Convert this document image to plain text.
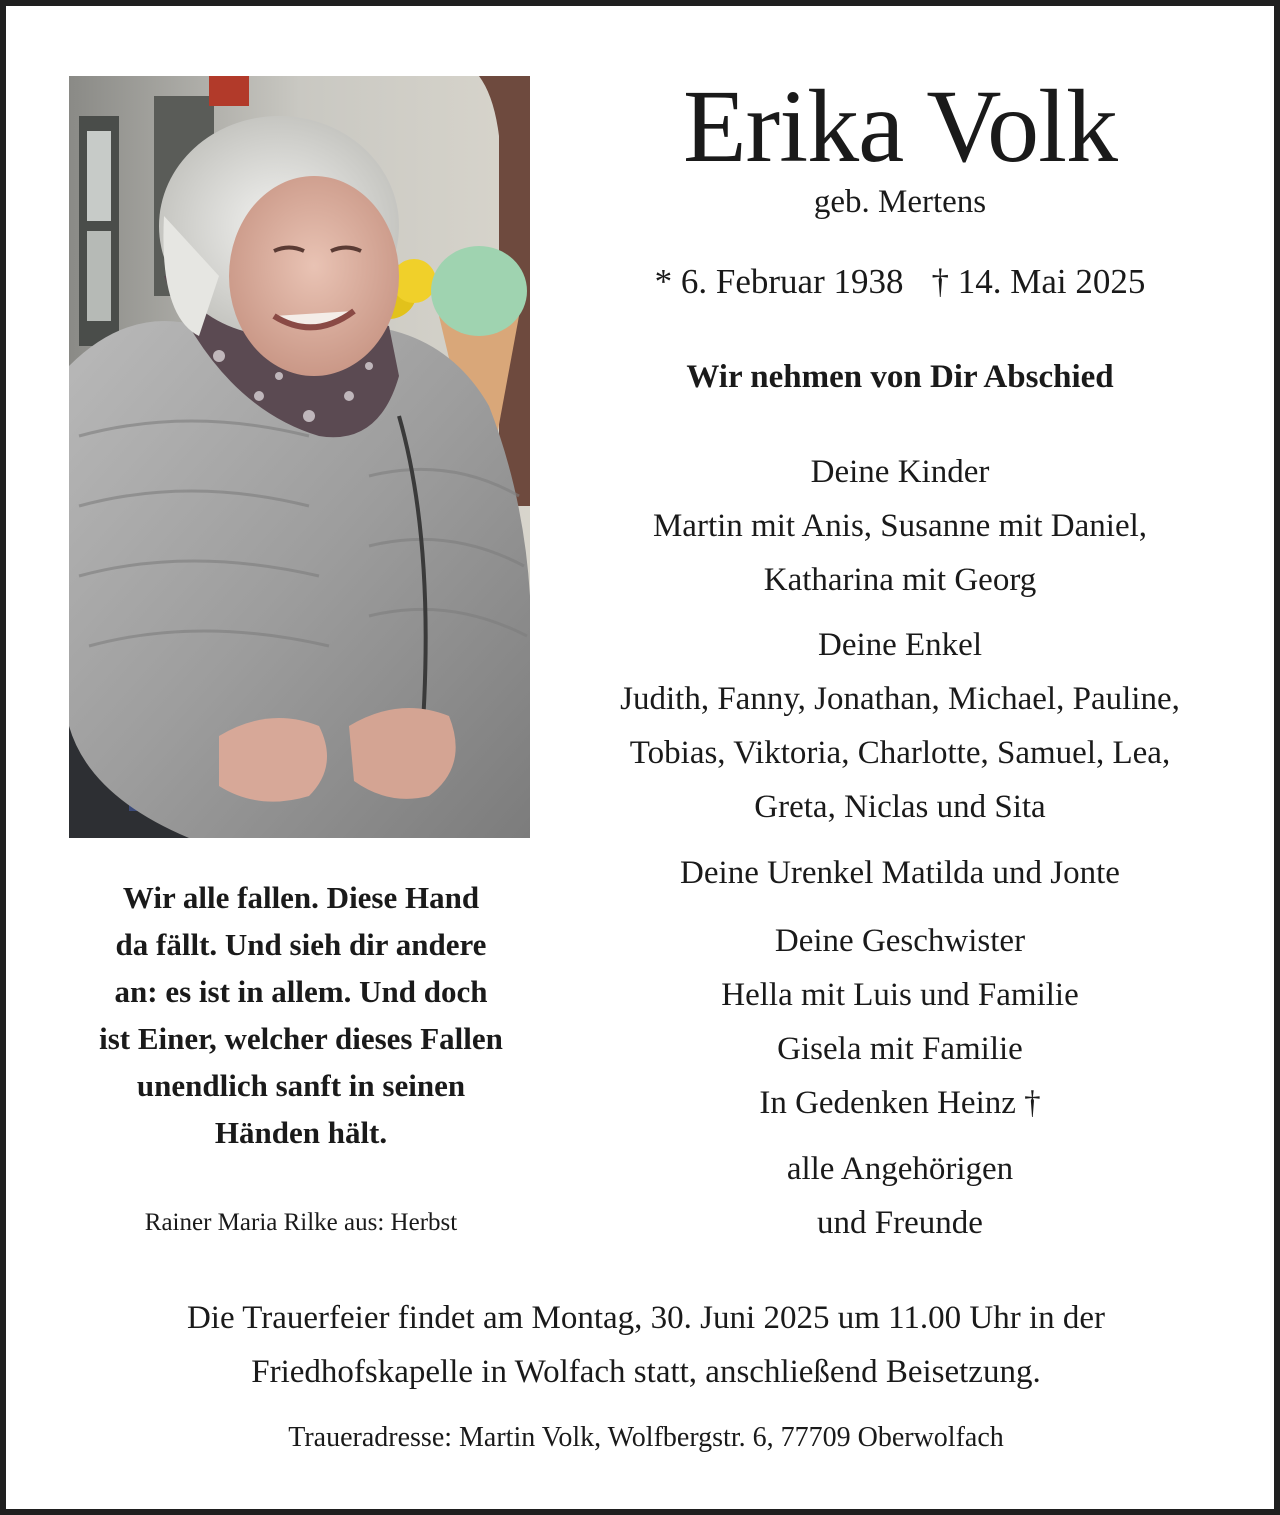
Erika Volk
geb. Mertens
* 6. Februar 1938 † 14. Mai 2025
Wir nehmen von Dir Abschied
Deine Kinder
Martin mit Anis, Susanne mit Daniel,
Katharina mit Georg
Deine Enkel
Judith, Fanny, Jonathan, Michael, Pauline,
Tobias, Viktoria, Charlotte, Samuel, Lea,
Greta, Niclas und Sita
Deine Urenkel Matilda und Jonte
Deine Geschwister
Hella mit Luis und Familie
Gisela mit Familie
In Gedenken Heinz †
alle Angehörigen
und Freunde
Wir alle fallen. Diese Hand
da fällt. Und sieh dir andere
an: es ist in allem. Und doch
ist Einer, welcher dieses Fallen
unendlich sanft in seinen
Händen hält.
Rainer Maria Rilke aus: Herbst
Die Trauerfeier findet am Montag, 30. Juni 2025 um 11.00 Uhr in der
Friedhofskapelle in Wolfach statt, anschließend Beisetzung.
Traueradresse: Martin Volk, Wolfbergstr. 6, 77709 Oberwolfach
